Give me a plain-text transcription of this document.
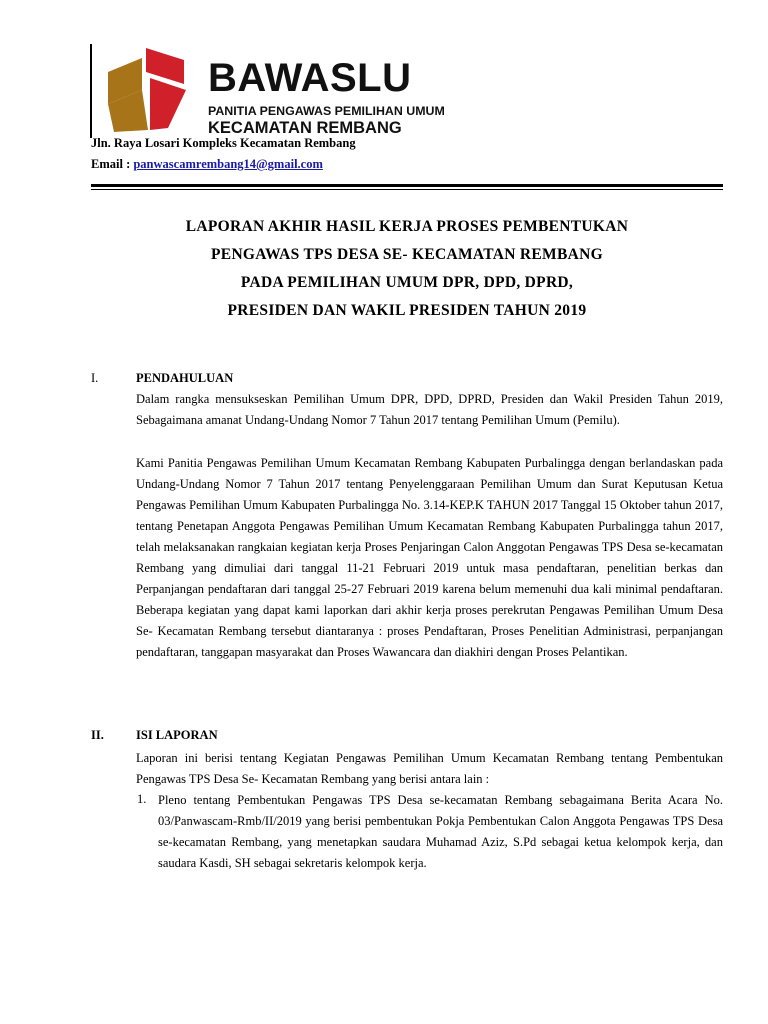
BAWASLU
PANITIA PENGAWAS PEMILIHAN UMUM
KECAMATAN REMBANG
Jln. Raya Losari Kompleks Kecamatan Rembang
Email : panwascamrembang14@gmail.com
LAPORAN AKHIR HASIL KERJA PROSES PEMBENTUKAN
PENGAWAS TPS DESA SE- KECAMATAN REMBANG
PADA PEMILIHAN UMUM DPR, DPD, DPRD,
PRESIDEN DAN WAKIL PRESIDEN TAHUN 2019
I.	PENDAHULUAN
Dalam rangka mensukseskan Pemilihan Umum DPR, DPD, DPRD, Presiden dan Wakil Presiden Tahun 2019, Sebagaimana amanat Undang-Undang Nomor 7 Tahun 2017 tentang Pemilihan Umum (Pemilu).
Kami Panitia Pengawas Pemilihan Umum Kecamatan Rembang Kabupaten Purbalingga dengan berlandaskan pada Undang-Undang Nomor 7 Tahun 2017 tentang Penyelenggaraan Pemilihan Umum dan Surat Keputusan Ketua Pengawas Pemilihan Umum Kabupaten Purbalingga No. 3.14-KEP.K TAHUN 2017 Tanggal 15 Oktober tahun 2017, tentang Penetapan Anggota Pengawas Pemilihan Umum Kecamatan Rembang Kabupaten Purbalingga tahun 2017, telah melaksanakan rangkaian kegiatan kerja Proses Penjaringan Calon Anggotan Pengawas TPS Desa se-kecamatan Rembang yang dimuliai dari tanggal 11-21 Februari 2019 untuk masa pendaftaran, penelitian berkas dan Perpanjangan pendaftaran dari tanggal 25-27 Februari 2019 karena belum memenuhi dua kali minimal pendaftaran. Beberapa kegiatan yang dapat kami laporkan dari akhir kerja proses perekrutan Pengawas Pemilihan Umum Desa Se- Kecamatan Rembang tersebut diantaranya : proses Pendaftaran, Proses Penelitian Administrasi, perpanjangan pendaftaran, tanggapan masyarakat dan Proses Wawancara dan diakhiri dengan Proses Pelantikan.
II.	ISI LAPORAN
Laporan ini berisi tentang Kegiatan Pengawas Pemilihan Umum Kecamatan Rembang tentang Pembentukan Pengawas TPS Desa Se- Kecamatan Rembang yang berisi antara lain :
1. Pleno tentang Pembentukan Pengawas TPS Desa se-kecamatan Rembang sebagaimana Berita Acara No. 03/Panwascam-Rmb/II/2019 yang berisi pembentukan Pokja Pembentukan Calon Anggota Pengawas TPS Desa se-kecamatan Rembang, yang menetapkan saudara Muhamad Aziz, S.Pd sebagai ketua kelompok kerja, dan saudara Kasdi, SH sebagai sekretaris kelompok kerja.
